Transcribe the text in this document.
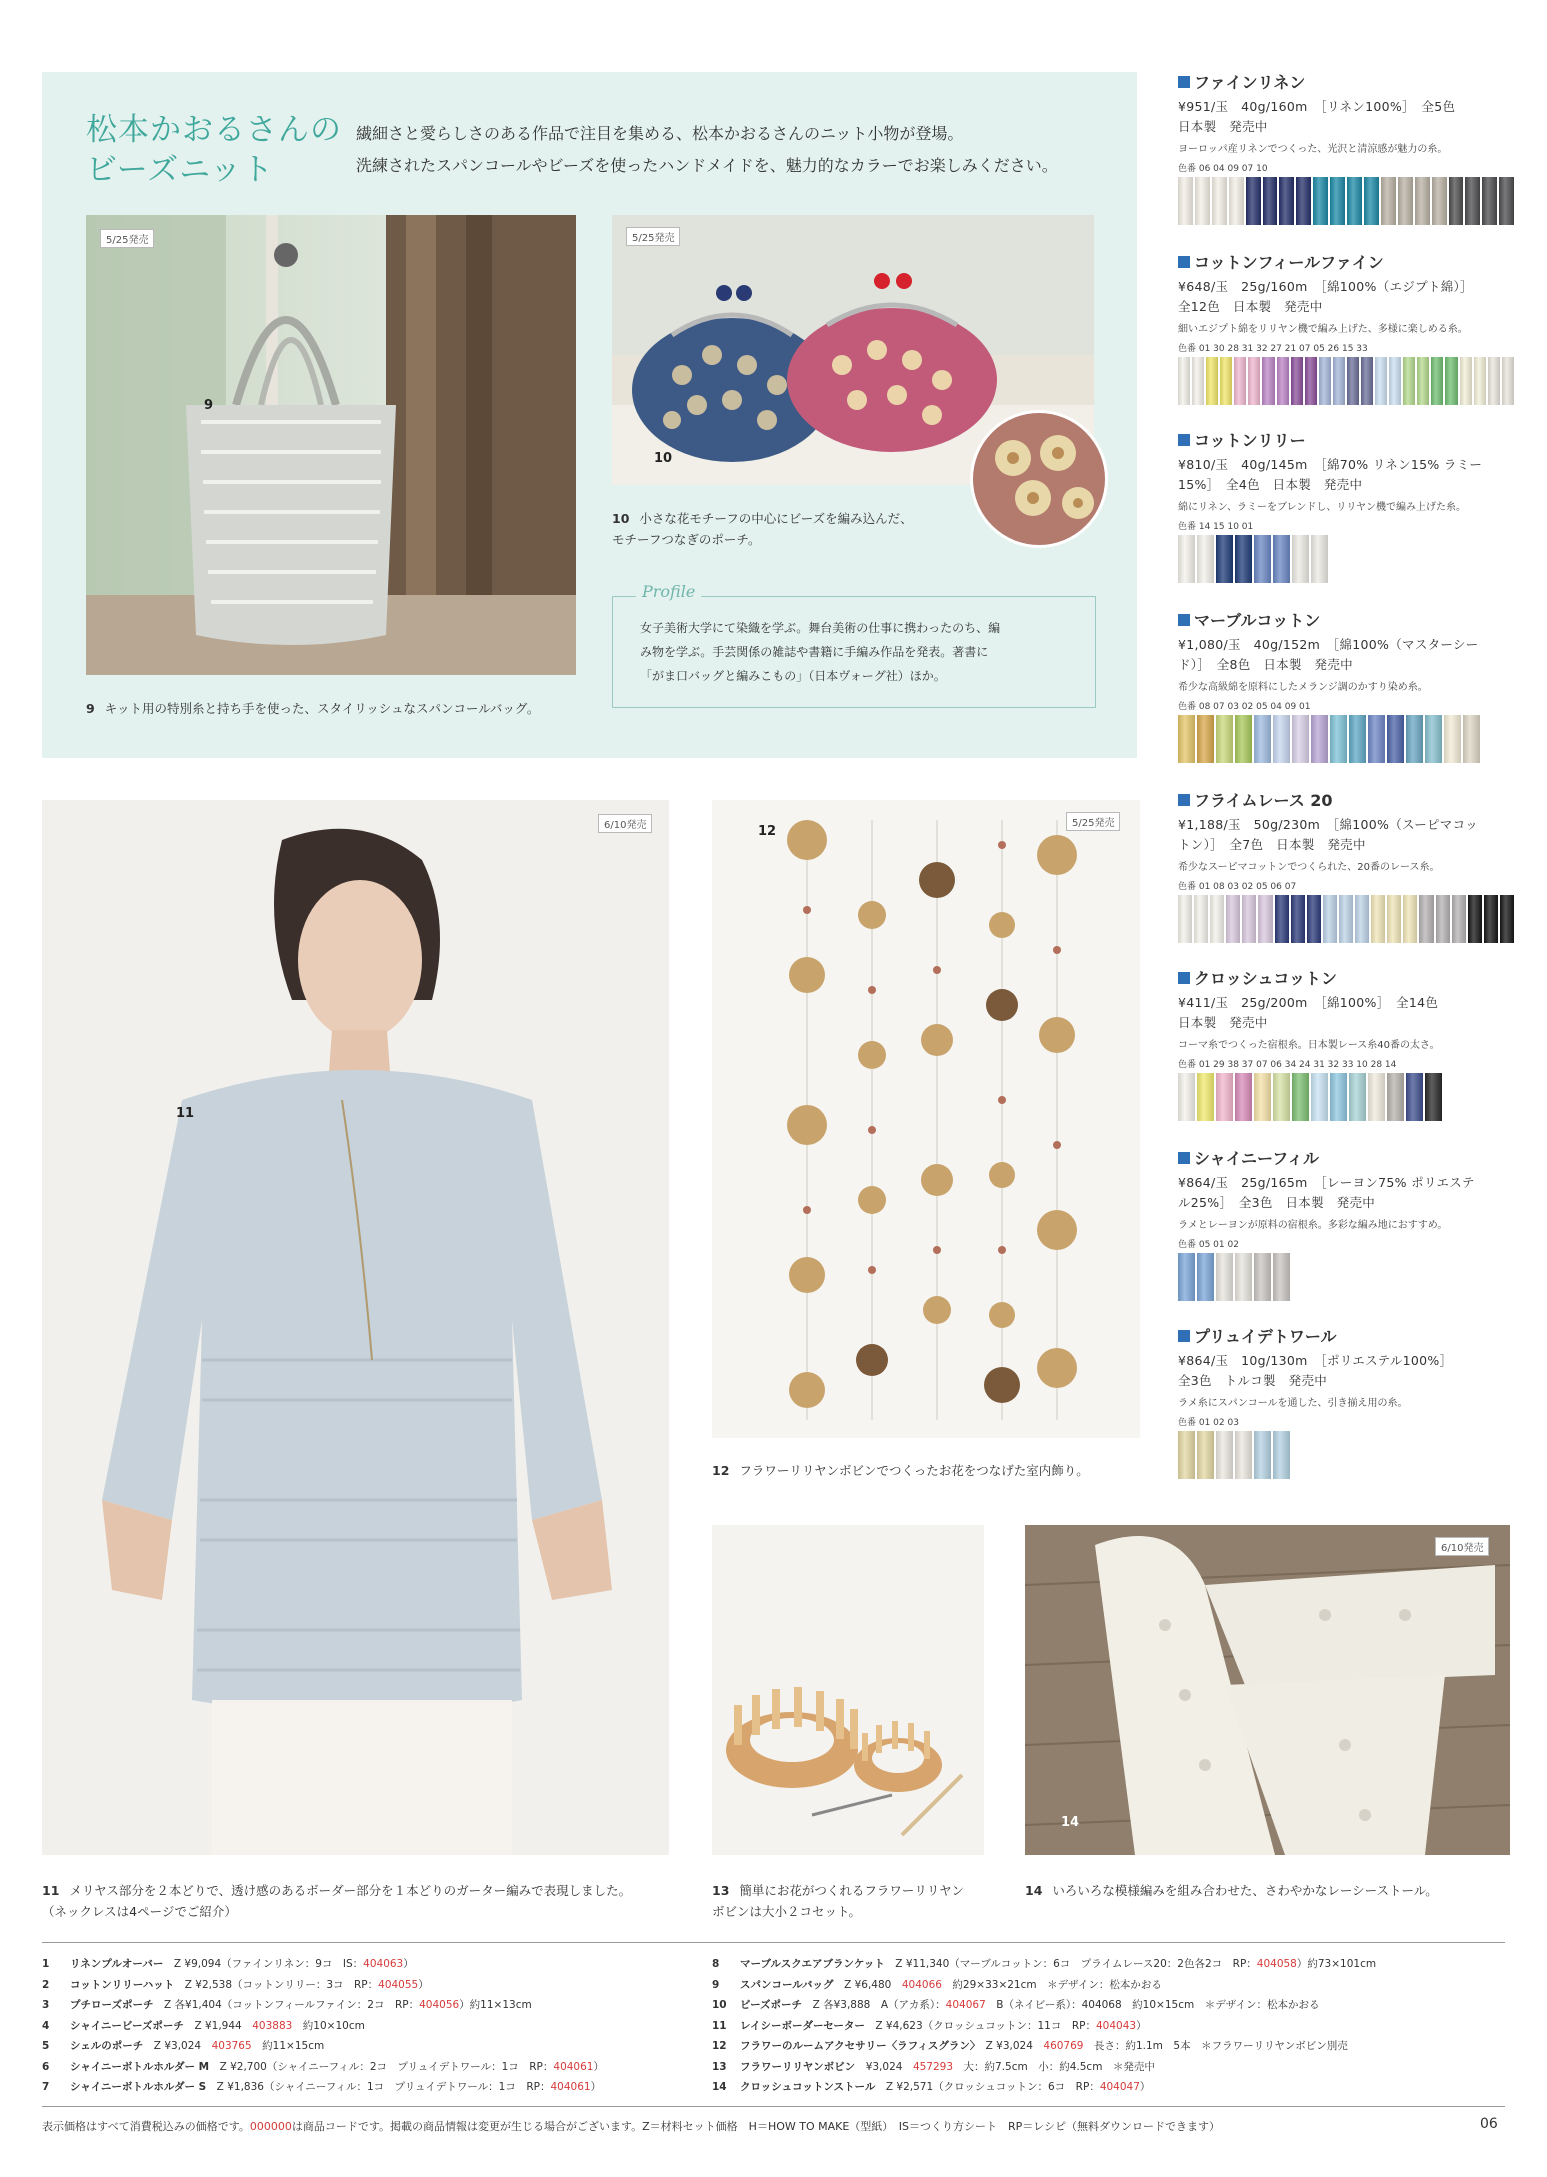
松本かおるさんの
ビーズニット
繊細さと愛らしさのある作品で注目を集める、松本かおるさんのニット小物が登場。
洗練されたスパンコールやビーズを使ったハンドメイドを、魅力的なカラーでお楽しみください。
5/25発売
9
9 キット用の特別糸と持ち手を使った、スタイリッシュなスパンコールバッグ。
5/25発売
10
10 小さな花モチーフの中心にビーズを編み込んだ、
モチーフつなぎのポーチ。
Profile
女子美術大学にて染織を学ぶ。舞台美術の仕事に携わったのち、編
み物を学ぶ。手芸関係の雑誌や書籍に手編み作品を発表。著書に
「がま口バッグと編みこもの」（日本ヴォーグ社）ほか。
ファインリネン
¥951/玉　40g/160m　［リネン100%］　全5色
日本製　発売中
ヨーロッパ産リネンでつくった、光沢と清涼感が魅力の糸。
色番 06 04 09 07 10
コットンフィールファイン
¥648/玉　25g/160m　［綿100%（エジプト綿）］
全12色　日本製　発売中
細いエジプト綿をリリヤン機で編み上げた、多様に楽しめる糸。
色番 01 30 28 31 32 27 21 07 05 26 15 33
コットンリリー
¥810/玉　40g/145m　［綿70% リネン15% ラミー
15%］　全4色　日本製　発売中
綿にリネン、ラミーをブレンドし、リリヤン機で編み上げた糸。
色番 14 15 10 01
マーブルコットン
¥1,080/玉　40g/152m　［綿100%（マスターシー
ド）］　全8色　日本製　発売中
希少な高級綿を原料にしたメランジ調のかすり染め糸。
色番 08 07 03 02 05 04 09 01
フライムレース 20
¥1,188/玉　50g/230m　［綿100%（スーピマコッ
トン）］　全7色　日本製　発売中
希少なスーピマコットンでつくられた、20番のレース糸。
色番 01 08 03 02 05 06 07
クロッシュコットン
¥411/玉　25g/200m　［綿100%］　全14色
日本製　発売中
コーマ糸でつくった宿根糸。日本製レース糸40番の太さ。
色番 01 29 38 37 07 06 34 24 31 32 33 10 28 14
シャイニーフィル
¥864/玉　25g/165m　［レーヨン75% ポリエステ
ル25%］　全3色　日本製　発売中
ラメとレーヨンが原料の宿根糸。多彩な編み地におすすめ。
色番 05 01 02
プリュイデトワール
¥864/玉　10g/130m　［ポリエステル100%］
全3色　トルコ製　発売中
ラメ糸にスパンコールを通した、引き揃え用の糸。
色番 01 02 03
6/10発売
11
11 メリヤス部分を２本どりで、透け感のあるボーダー部分を１本どりのガーター編みで表現しました。
（ネックレスは4ページでご紹介）
5/25発売
12
12 フラワーリリヤンボビンでつくったお花をつなげた室内飾り。
13 簡単にお花がつくれるフラワーリリヤン
ボビンは大小２コセット。
6/10発売
14
14 いろいろな模様編みを組み合わせた、さわやかなレーシーストール。
1 リネンプルオーバー　 Z ¥9,094（ファインリネン：9コ　IS：404063）
2 コットンリリーハット　 Z ¥2,538（コットンリリー：3コ　RP：404055）
3 プチローズポーチ　 Z 各¥1,404（コットンフィールファイン：2コ　RP：404056）約11×13cm
4 シャイニービーズポーチ　 Z ¥1,944　403883　約10×10cm
5 シェルのポーチ　 Z ¥3,024　403765　約11×15cm
6 シャイニーボトルホルダー M　 Z ¥2,700（シャイニーフィル：2コ　プリュイデトワール：1コ　RP：404061）
7 シャイニーボトルホルダー S　 Z ¥1,836（シャイニーフィル：1コ　プリュイデトワール：1コ　RP：404061）
8 マーブルスクエアブランケット　 Z ¥11,340（マーブルコットン：6コ　プライムレース20：2色各2コ　RP：404058）約73×101cm
9 スパンコールバッグ　 Z ¥6,480　404066　約29×33×21cm　＊デザイン：松本かおる
10 ビーズポーチ　 Z 各¥3,888　A（アカ系）：404067　B（ネイビー系）：404068　約10×15cm　＊デザイン：松本かおる
11 レイシーボーダーセーター　 Z ¥4,623（クロッシュコットン：11コ　RP：404043）
12 フラワーのルームアクセサリー〈ラフィスグラン〉　 Z ¥3,024　460769　長さ：約1.1m　5本　＊フラワーリリヤンボビン別売
13 フラワーリリヤンボビン　 ¥3,024　457293　大：約7.5cm　小：約4.5cm　＊発売中
14 クロッシュコットンストール　 Z ¥2,571（クロッシュコットン：6コ　RP：404047）
表示価格はすべて消費税込みの価格です。000000は商品コードです。掲載の商品情報は変更が生じる場合がございます。Z＝材料セット価格　H＝HOW TO MAKE（型紙）　IS＝つくり方シート　RP＝レシピ（無料ダウンロードできます）	06
